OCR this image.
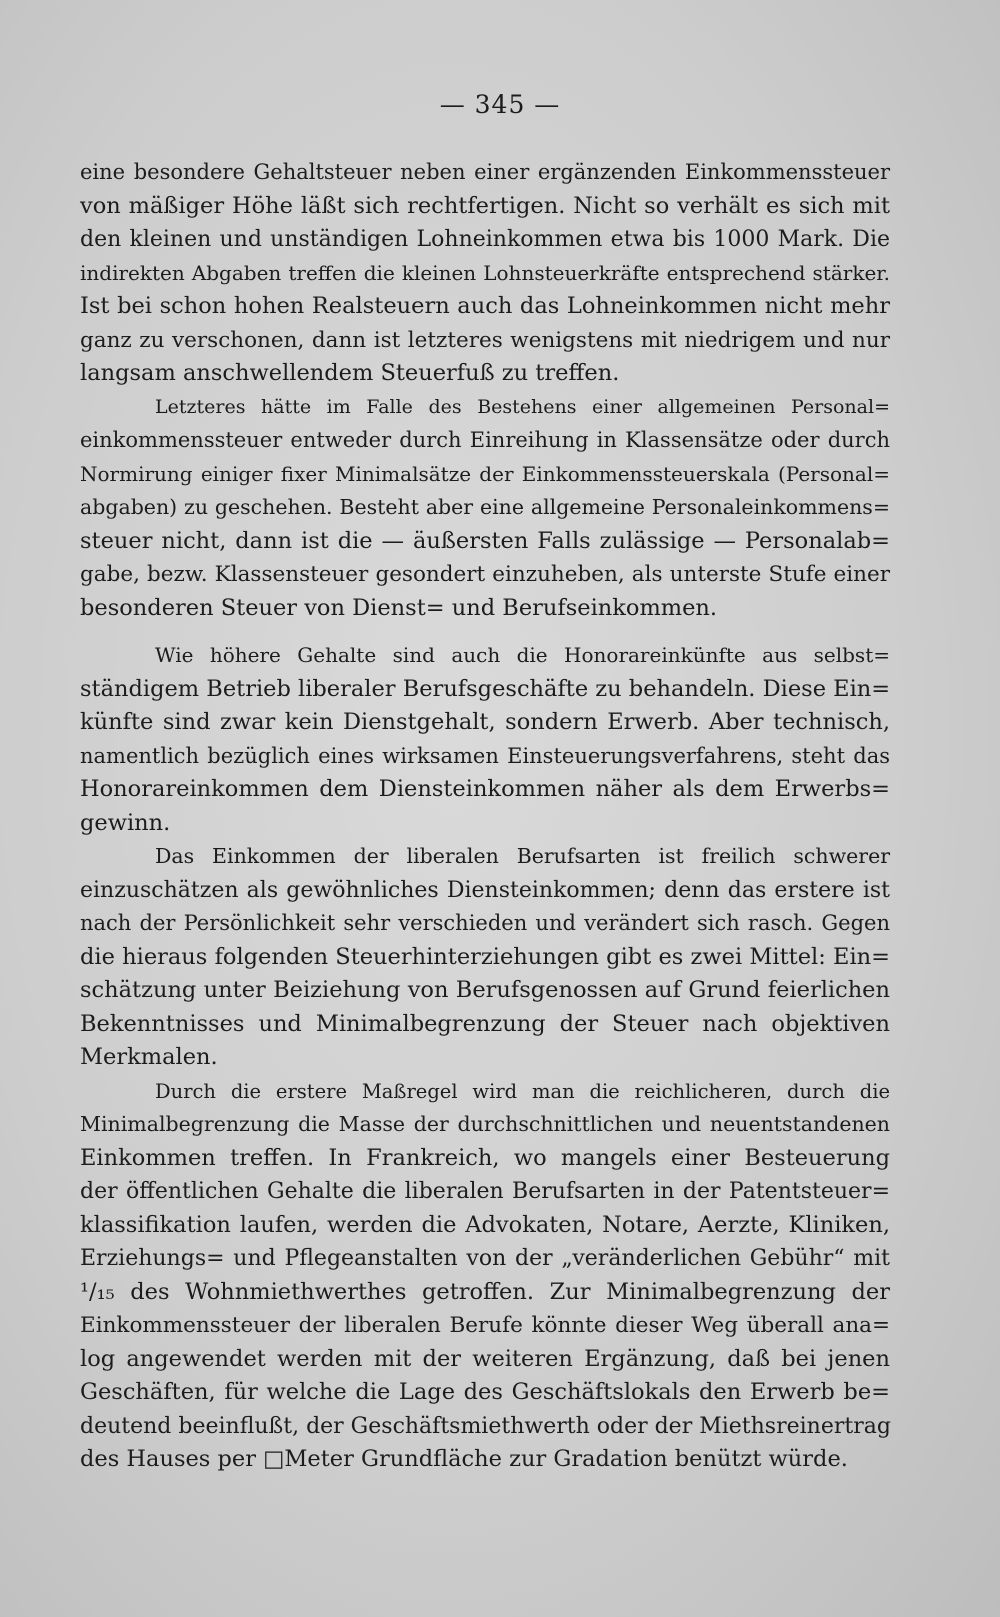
— 345 —
eine besondere Gehaltsteuer neben einer ergänzenden Einkommenssteuer
von mäßiger Höhe läßt sich rechtfertigen. Nicht so verhält es sich mit
den kleinen und unständigen Lohneinkommen etwa bis 1000 Mark. Die
indirekten Abgaben treffen die kleinen Lohnsteuerkräfte entsprechend stärker.
Ist bei schon hohen Realsteuern auch das Lohneinkommen nicht mehr
ganz zu verschonen, dann ist letzteres wenigstens mit niedrigem und nur
langsam anschwellendem Steuerfuß zu treffen.
Letzteres hätte im Falle des Bestehens einer allgemeinen Personal=
einkommenssteuer entweder durch Einreihung in Klassensätze oder durch
Normirung einiger fixer Minimalsätze der Einkommenssteuerskala (Personal=
abgaben) zu geschehen. Besteht aber eine allgemeine Personaleinkommens=
steuer nicht, dann ist die — äußersten Falls zulässige — Personalab=
gabe, bezw. Klassensteuer gesondert einzuheben, als unterste Stufe einer
besonderen Steuer von Dienst= und Berufseinkommen.
Wie höhere Gehalte sind auch die Honorareinkünfte aus selbst=
ständigem Betrieb liberaler Berufsgeschäfte zu behandeln. Diese Ein=
künfte sind zwar kein Dienstgehalt, sondern Erwerb. Aber technisch,
namentlich bezüglich eines wirksamen Einsteuerungsverfahrens, steht das
Honorareinkommen dem Diensteinkommen näher als dem Erwerbs=
gewinn.
Das Einkommen der liberalen Berufsarten ist freilich schwerer
einzuschätzen als gewöhnliches Diensteinkommen; denn das erstere ist
nach der Persönlichkeit sehr verschieden und verändert sich rasch. Gegen
die hieraus folgenden Steuerhinterziehungen gibt es zwei Mittel: Ein=
schätzung unter Beiziehung von Berufsgenossen auf Grund feierlichen
Bekenntnisses und Minimalbegrenzung der Steuer nach objektiven
Merkmalen.
Durch die erstere Maßregel wird man die reichlicheren, durch die
Minimalbegrenzung die Masse der durchschnittlichen und neuentstandenen
Einkommen treffen. In Frankreich, wo mangels einer Besteuerung
der öffentlichen Gehalte die liberalen Berufsarten in der Patentsteuer=
klassifikation laufen, werden die Advokaten, Notare, Aerzte, Kliniken,
Erziehungs= und Pflegeanstalten von der „veränderlichen Gebühr“ mit
¹/₁₅ des Wohnmiethwerthes getroffen. Zur Minimalbegrenzung der
Einkommenssteuer der liberalen Berufe könnte dieser Weg überall ana=
log angewendet werden mit der weiteren Ergänzung, daß bei jenen
Geschäften, für welche die Lage des Geschäftslokals den Erwerb be=
deutend beeinflußt, der Geschäftsmiethwerth oder der Miethsreinertrag
des Hauses per □Meter Grundfläche zur Gradation benützt würde.
